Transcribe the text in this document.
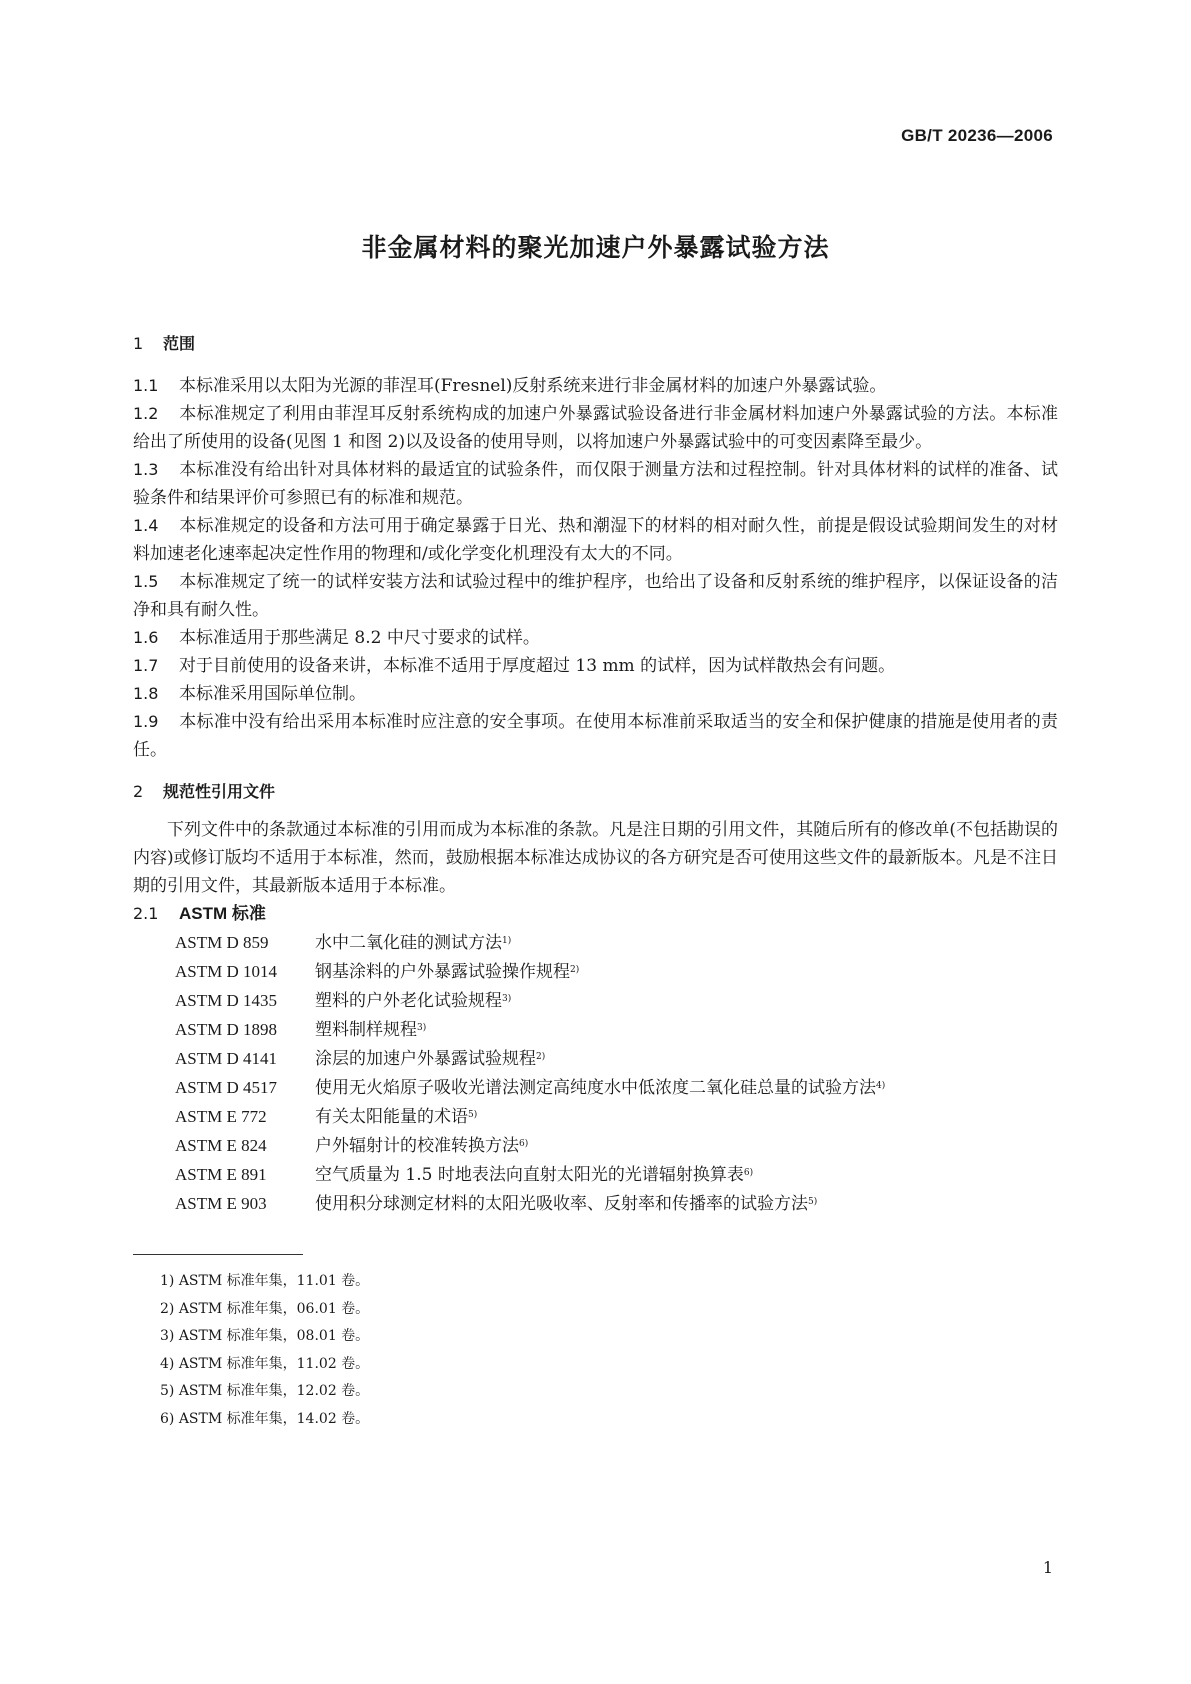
GB/T 20236—2006
非金属材料的聚光加速户外暴露试验方法

1 范围

1.1 本标准采用以太阳为光源的菲涅耳(Fresnel)反射系统来进行非金属材料的加速户外暴露试验。

1.2 本标准规定了利用由菲涅耳反射系统构成的加速户外暴露试验设备进行非金属材料加速户外暴露试验的方法。本标准给出了所使用的设备(见图 1 和图 2)以及设备的使用导则，以将加速户外暴露试验中的可变因素降至最少。

1.3 本标准没有给出针对具体材料的最适宜的试验条件，而仅限于测量方法和过程控制。针对具体材料的试样的准备、试验条件和结果评价可参照已有的标准和规范。

1.4 本标准规定的设备和方法可用于确定暴露于日光、热和潮湿下的材料的相对耐久性，前提是假设试验期间发生的对材料加速老化速率起决定性作用的物理和/或化学变化机理没有太大的不同。

1.5 本标准规定了统一的试样安装方法和试验过程中的维护程序，也给出了设备和反射系统的维护程序，以保证设备的洁净和具有耐久性。

1.6 本标准适用于那些满足 8.2 中尺寸要求的试样。

1.7 对于目前使用的设备来讲，本标准不适用于厚度超过 13 mm 的试样，因为试样散热会有问题。

1.8 本标准采用国际单位制。

1.9 本标准中没有给出采用本标准时应注意的安全事项。在使用本标准前采取适当的安全和保护健康的措施是使用者的责任。

2 规范性引用文件

下列文件中的条款通过本标准的引用而成为本标准的条款。凡是注日期的引用文件，其随后所有的修改单(不包括勘误的内容)或修订版均不适用于本标准，然而，鼓励根据本标准达成协议的各方研究是否可使用这些文件的最新版本。凡是不注日期的引用文件，其最新版本适用于本标准。

2.1 ASTM 标准

ASTM D 859	水中二氧化硅的测试方法$^{1)}$
ASTM D 1014	钢基涂料的户外暴露试验操作规程$^{2)}$
ASTM D 1435	塑料的户外老化试验规程$^{3)}$
ASTM D 1898	塑料制样规程$^{3)}$
ASTM D 4141	涂层的加速户外暴露试验规程$^{2)}$
ASTM D 4517	使用无火焰原子吸收光谱法测定高纯度水中低浓度二氧化硅总量的试验方法$^{4)}$
ASTM E 772	有关太阳能量的术语$^{5)}$
ASTM E 824	户外辐射计的校准转换方法$^{6)}$
ASTM E 891	空气质量为 1.5 时地表法向直射太阳光的光谱辐射换算表$^{6)}$
ASTM E 903	使用积分球测定材料的太阳光吸收率、反射率和传播率的试验方法$^{5)}$

1) ASTM 标准年集，11.01 卷。

2) ASTM 标准年集，06.01 卷。

3) ASTM 标准年集，08.01 卷。

4) ASTM 标准年集，11.02 卷。

5) ASTM 标准年集，12.02 卷。

6) ASTM 标准年集，14.02 卷。

1
